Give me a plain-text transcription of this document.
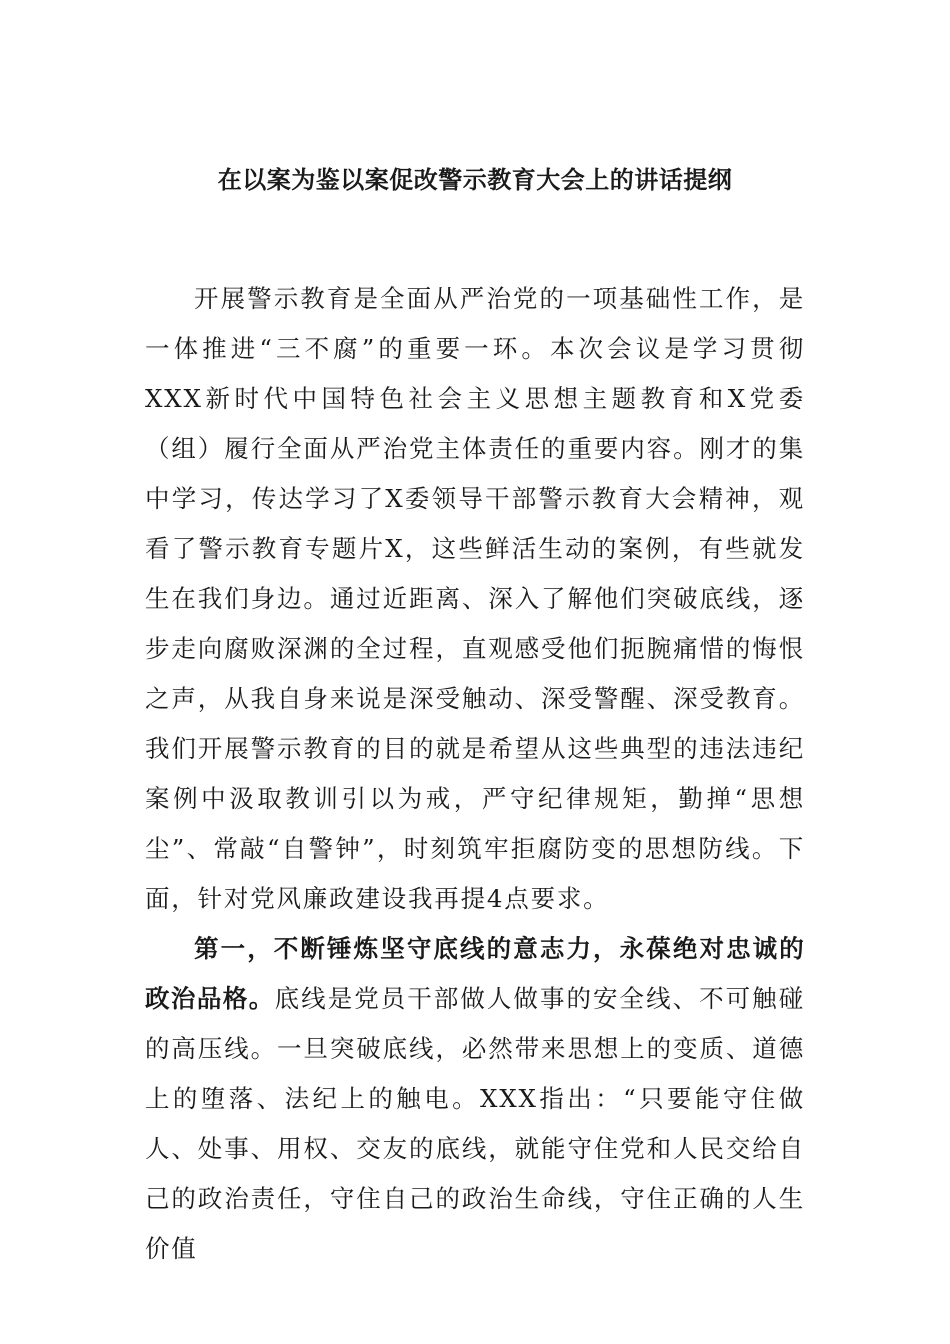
在以案为鉴以案促改警示教育大会上的讲话提纲

开展警示教育是全面从严治党的一项基础性工作，是一体推进“三不腐”的重要一环。本次会议是学习贯彻XXX新时代中国特色社会主义思想主题教育和X党委（组）履行全面从严治党主体责任的重要内容。刚才的集中学习，传达学习了X委领导干部警示教育大会精神，观看了警示教育专题片X，这些鲜活生动的案例，有些就发生在我们身边。通过近距离、深入了解他们突破底线，逐步走向腐败深渊的全过程，直观感受他们扼腕痛惜的悔恨之声，从我自身来说是深受触动、深受警醒、深受教育。我们开展警示教育的目的就是希望从这些典型的违法违纪案例中汲取教训引以为戒，严守纪律规矩，勤掸“思想尘”、常敲“自警钟”，时刻筑牢拒腐防变的思想防线。下面，针对党风廉政建设我再提4点要求。

第一，不断锤炼坚守底线的意志力，永葆绝对忠诚的政治品格。底线是党员干部做人做事的安全线、不可触碰的高压线。一旦突破底线，必然带来思想上的变质、道德上的堕落、法纪上的触电。XXX指出：“只要能守住做人、处事、用权、交友的底线，就能守住党和人民交给自己的政治责任，守住自己的政治生命线，守住正确的人生价值
